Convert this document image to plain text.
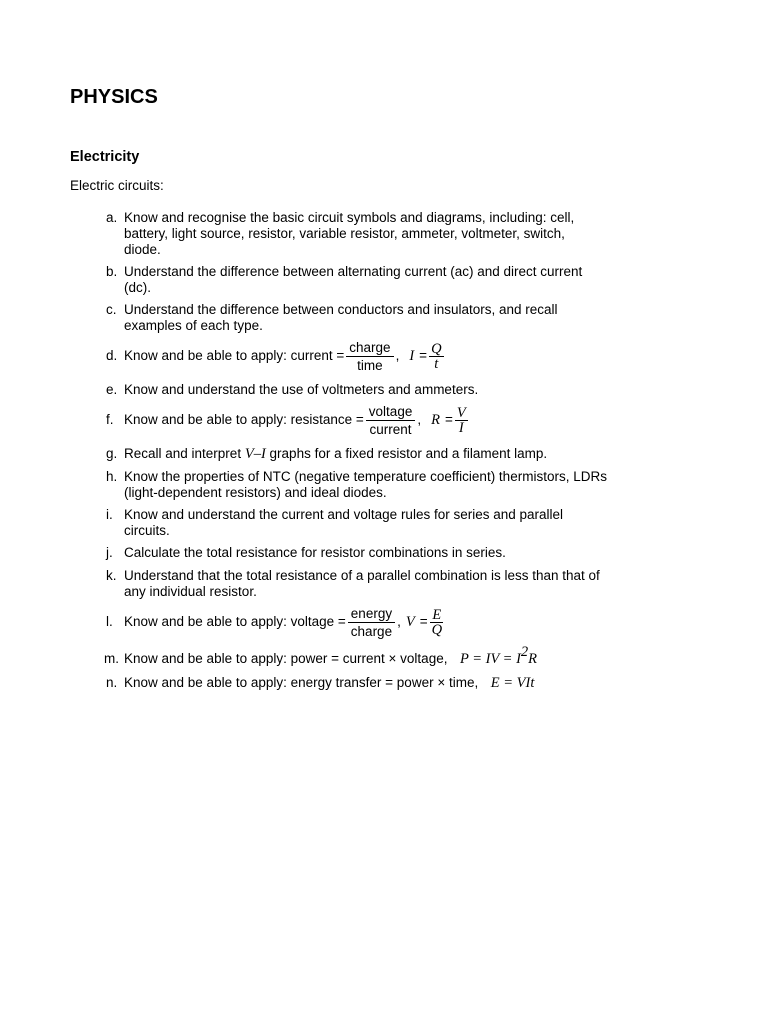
PHYSICS
Electricity

Electric circuits:

a. Know and recognise the basic circuit symbols and diagrams, including: cell,
battery, light source, resistor, variable resistor, ammeter, voltmeter, switch,
diode.
b. Understand the difference between alternating current (ac) and direct current
(dc).
c. Understand the difference between conductors and insulators, and recall
examples of each type.
d. Know and be able to apply: current = $\frac{\text{charge}}{\text{time}}$ , $I = \frac{Q}{t}$
e. Know and understand the use of voltmeters and ammeters.
f. Know and be able to apply: resistance = $\frac{\text{voltage}}{\text{current}}$ , $R = \frac{V}{I}$
g. Recall and interpret V–I graphs for a fixed resistor and a filament lamp.
h. Know the properties of NTC (negative temperature coefficient) thermistors, LDRs
(light-dependent resistors) and ideal diodes.
i. Know and understand the current and voltage rules for series and parallel
circuits.
j. Calculate the total resistance for resistor combinations in series.
k. Understand that the total resistance of a parallel combination is less than that of
any individual resistor.
l. Know and be able to apply: voltage = $\frac{\text{energy}}{\text{charge}}$ , $V = \frac{E}{Q}$
m. Know and be able to apply: power = current × voltage, P = IV = $I^2R$
n. Know and be able to apply: energy transfer = power × time, E = VIt
